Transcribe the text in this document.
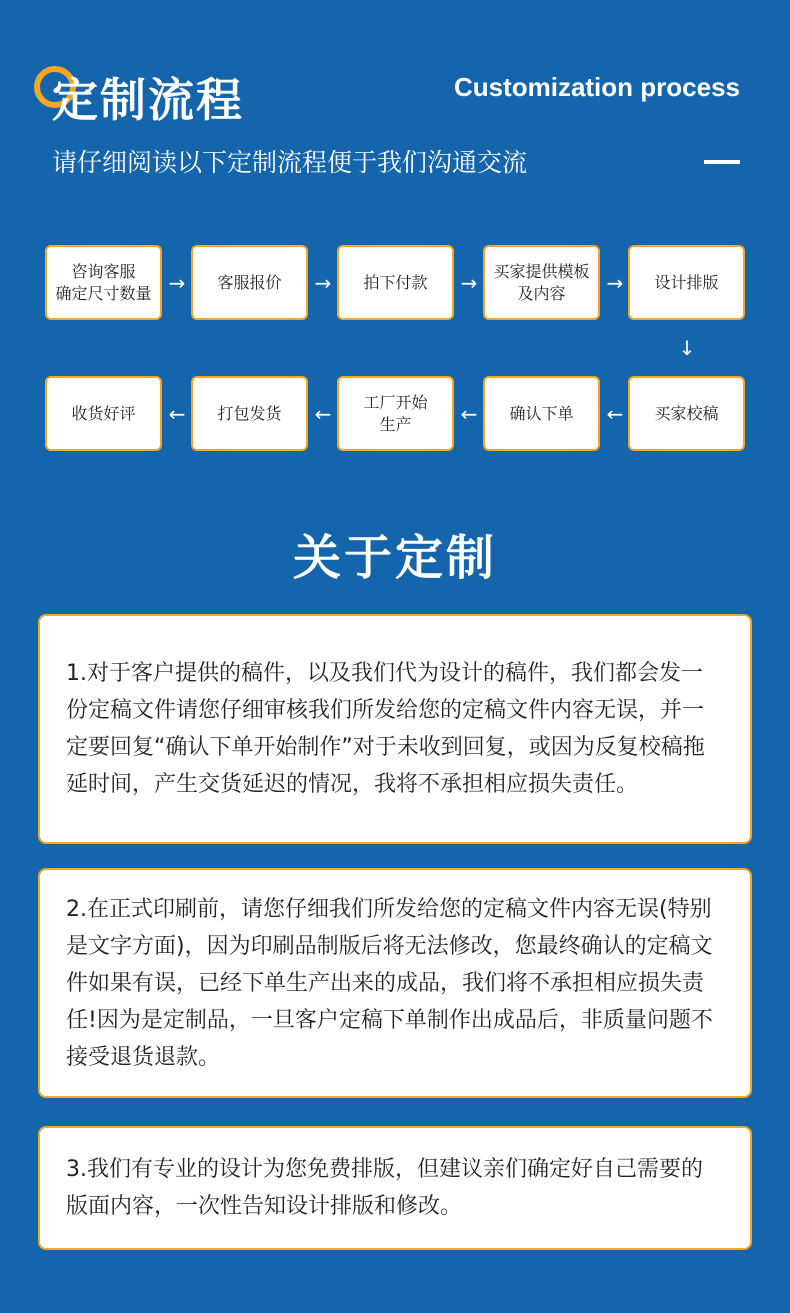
定制流程	Customization process
请仔细阅读以下定制流程便于我们沟通交流
咨询客服
确定尺寸数量
客服报价	拍下付款
买家提供模板
及内容
设计排版
→	→	→	→
↓
买家校稿
确认下单
工厂开始
生产
打包发货
收货好评	←
←
←
←
关于定制
1.对于客户提供的稿件，以及我们代为设计的稿件，我们都会发一份定稿文件请您仔细审核我们所发给您的定稿文件内容无误，并一定要回复“确认下单开始制作”对于未收到回复，或因为反复校稿拖延时间，产生交货延迟的情况，我将不承担相应损失责任。
2.在正式印刷前，请您仔细我们所发给您的定稿文件内容无误(特别是文字方面)，因为印刷品制版后将无法修改，您最终确认的定稿文件如果有误，已经下单生产出来的成品，我们将不承担相应损失责任!因为是定制品，一旦客户定稿下单制作出成品后，非质量问题不接受退货退款。
3.我们有专业的设计为您免费排版，但建议亲们确定好自己需要的版面内容，一次性告知设计排版和修改。
